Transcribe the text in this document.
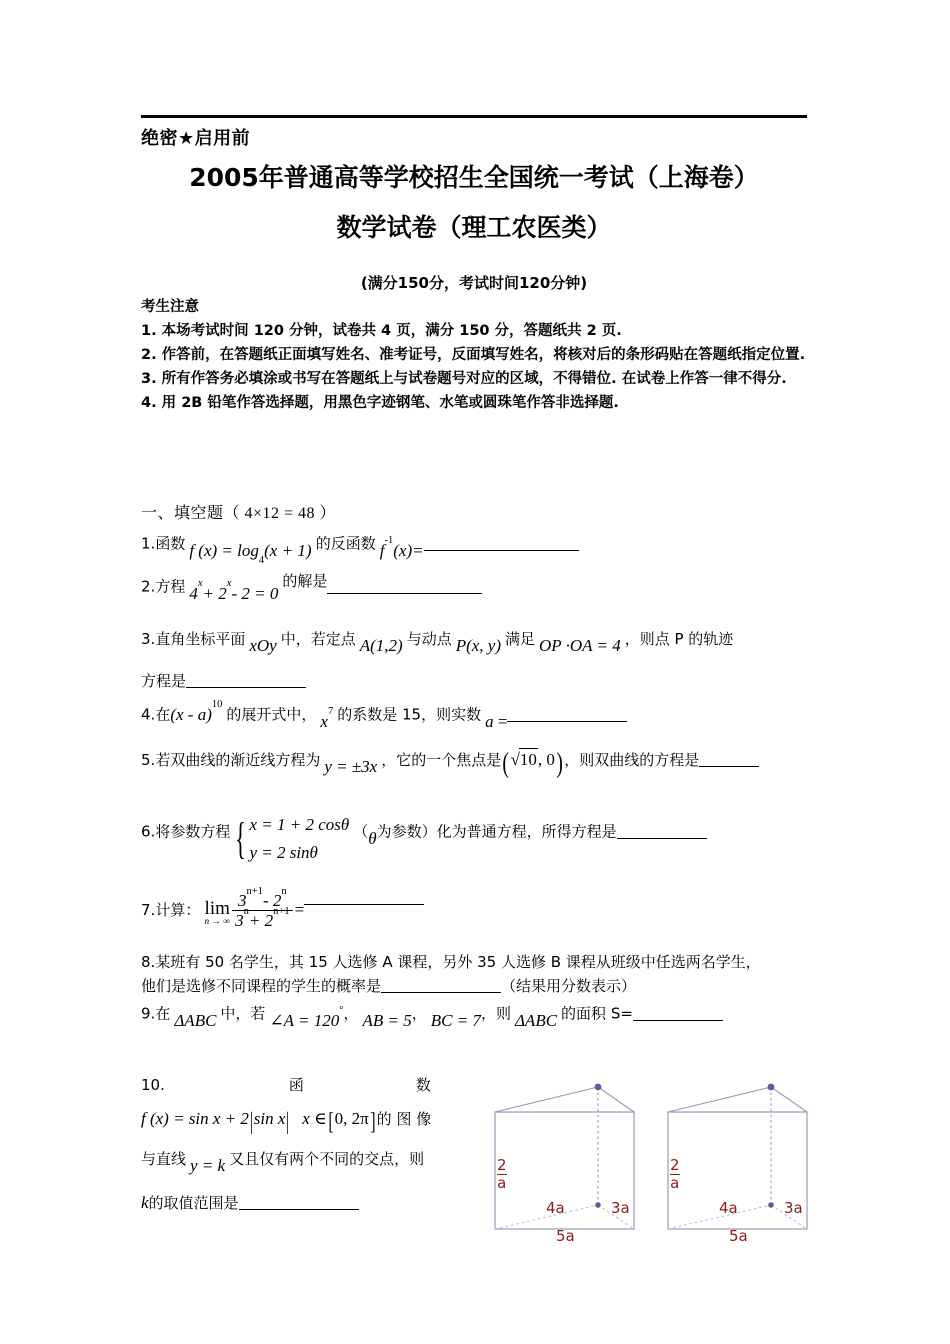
绝密★启用前
2005年普通高等学校招生全国统一考试（上海卷）
数学试卷（理工农医类）
(满分150分，考试时间120分钟)
考生注意
1. 本场考试时间 120 分钟，试卷共 4 页，满分 150 分，答题纸共 2 页.
2. 作答前，在答题纸正面填写姓名、准考证号，反面填写姓名，将核对后的条形码贴在答题纸指定位置.
3. 所有作答务必填涂或书写在答题纸上与试卷题号对应的区域，不得错位. 在试卷上作答一律不得分.
4. 用 2B 铅笔作答选择题，用黑色字迹钢笔、水笔或圆珠笔作答非选择题.
一、填空题（ 4×12 = 48 ）
1.函数 f $(x) = \log_4(x + 1)$ 的反函数 $f^{-1}(x)=$
2.方程 $4^x+ 2^x-$ 2 = 0 的解是
3.直角坐标平面 xOy 中，若定点 A(1,2) 与动点 P(x, y) 满足 OP ·OA = 4 ，则点 P 的轨迹
方程是
4.在(x - a)$^{10}$ 的展开式中， $x^7$ 的系数是 15，则实数 a =
5.若双曲线的渐近线方程为 y = ±3x ，它的一个焦点是(√10, 0)，则双曲线的方程是
6.将参数方程 { x = 1 + 2 cosθ
y = 2 sinθ
（θ为参数）化为普通方程，所得方程是
7.计算： lim
n → ∞ $\frac{3^{n+1}- 2^n}{3^n+ 2^{n+1}}$ =
8.某班有 50 名学生，其 15 人选修 A 课程，另外 35 人选修 B 课程从班级中任选两名学生，
他们是选修不同课程的学生的概率是	（结果用分数表示）
9.在 ΔABC 中，若 ∠A = 120°， AB = 5， BC = 7，则 ΔABC 的面积 S=
10.	函	数
f (x) = sin x + 2|sin x| x ∈[0, 2π]的 图 像
与直线 y = k 又且仅有两个不同的交点，则
k的取值范围是
$\frac{2}{a}$
4a	3a
5a
$\frac{2}{a}$
4a	3a
5a
